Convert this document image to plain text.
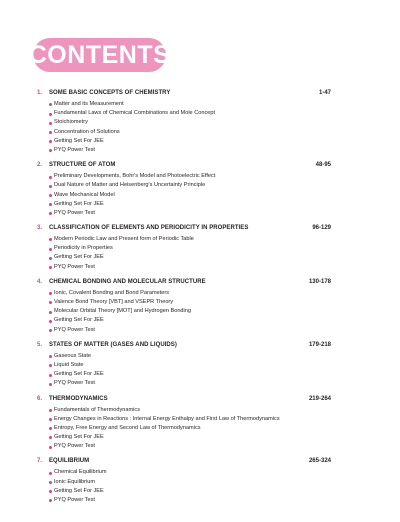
CONTENTS
1. SOME BASIC CONCEPTS OF CHEMISTRY	1-47
Matter and its Measurement
Fundamental Laws of Chemical Combinations and Mole Concept
Stoichiometry
Concentration of Solutions
Getting Set For JEE
PYQ Power Test
2. STRUCTURE OF ATOM	48-95
Preliminary Developments, Bohr's Model and Photoelectric Effect
Dual Nature of Matter and Heisenberg's Uncertainty Principle
Wave Mechanical Model
Getting Set For JEE
PYQ Power Test
3. CLASSIFICATION OF ELEMENTS AND PERIODICITY IN PROPERTIES	96-129
Modern Periodic Law and Present form of Periodic Table
Periodicity in Properties
Getting Set For JEE
PYQ Power Test
4. CHEMICAL BONDING AND MOLECULAR STRUCTURE	130-178
Ionic, Covalent Bonding and Bond Parameters
Valence Bond Theory [VBT] and VSEPR Theory
Molecular Orbital Theory [MOT] and Hydrogen Bonding
Getting Set For JEE
PYQ Power Test
5. STATES OF MATTER (GASES AND LIQUIDS)	179-218
Gaseous State
Liquid State
Getting Set For JEE
PYQ Power Test
6. THERMODYNAMICS	219-264
Fundamentals of Thermodynamics
Energy Changes in Reactions : Internal Energy Enthalpy and First Law of Thermodynamics
Entropy, Free Energy and Second Law of Thermodynamics
Getting Set For JEE
PYQ Power Test
7. EQUILIBRIUM	265-324
Chemical Equilibrium
Ionic Equilibrium
Getting Set For JEE
PYQ Power Test
